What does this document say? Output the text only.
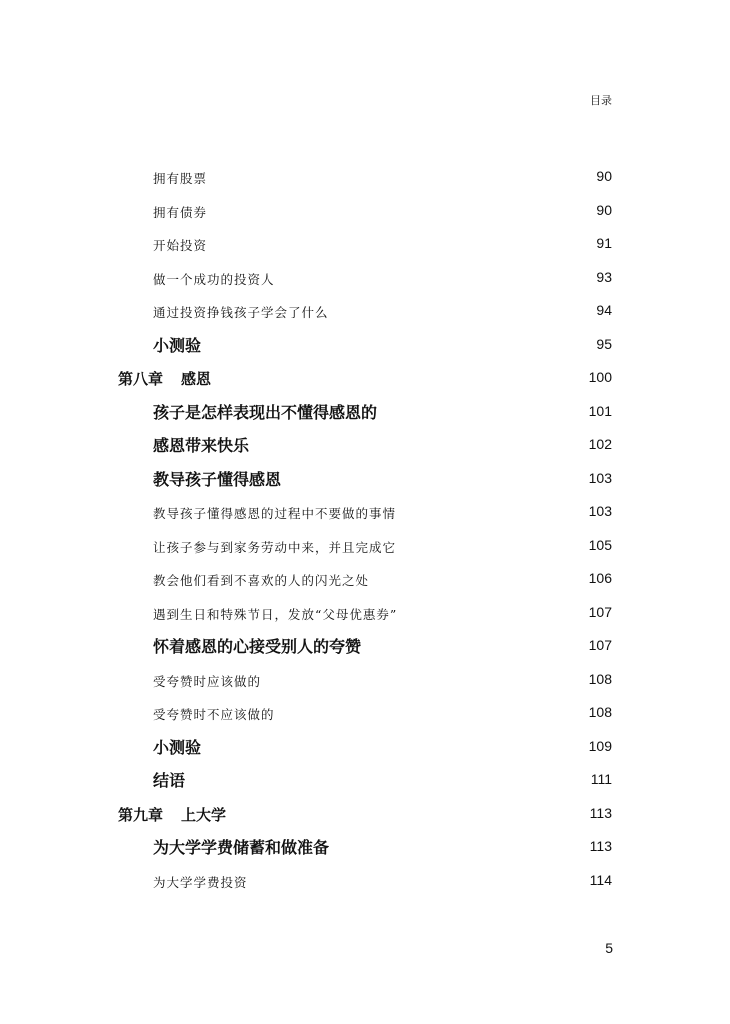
目录
拥有股票	90
拥有债券	90
开始投资	91
做一个成功的投资人	93
通过投资挣钱孩子学会了什么	94
小测验	95
第八章 感恩	100
孩子是怎样表现出不懂得感恩的	101
感恩带来快乐	102
教导孩子懂得感恩	103
教导孩子懂得感恩的过程中不要做的事情	103
让孩子参与到家务劳动中来，并且完成它	105
教会他们看到不喜欢的人的闪光之处	106
遇到生日和特殊节日，发放“父母优惠券”	107
怀着感恩的心接受别人的夸赞	107
受夸赞时应该做的	108
受夸赞时不应该做的	108
小测验	109
结语	111
第九章 上大学	113
为大学学费储蓄和做准备	113
为大学学费投资	114
5
